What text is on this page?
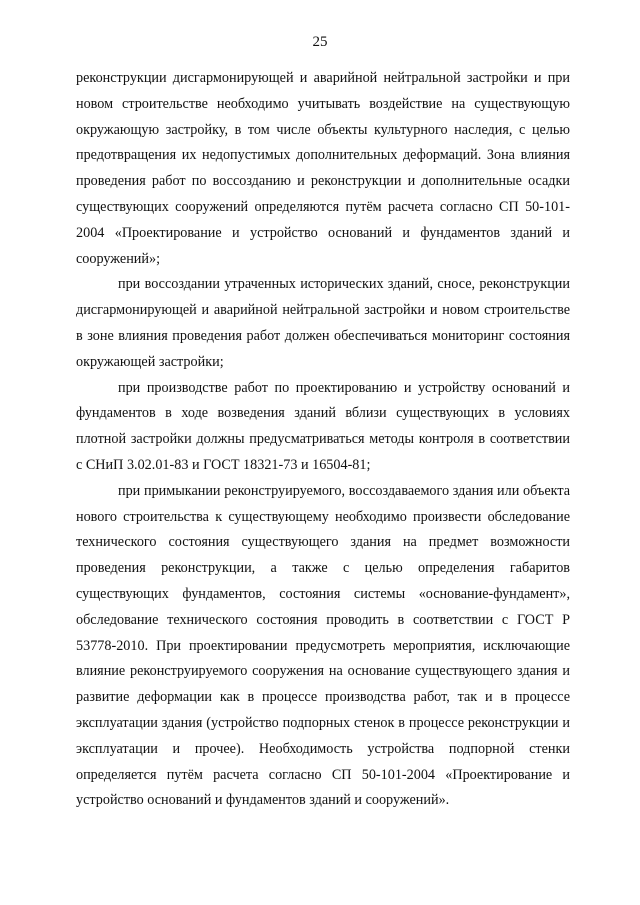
25

реконструкции дисгармонирующей и аварийной нейтральной застройки и при новом строительстве необходимо учитывать воздействие на существующую окружающую застройку, в том числе объекты культурного наследия, с целью предотвращения их недопустимых дополнительных деформаций. Зона влияния проведения работ по воссозданию и реконструкции и дополнительные осадки существующих сооружений определяются путём расчета согласно СП 50-101-2004 «Проектирование и устройство оснований и фундаментов зданий и сооружений»;

при воссоздании утраченных исторических зданий, сносе, реконструкции дисгармонирующей и аварийной нейтральной застройки и новом строительстве в зоне влияния проведения работ должен обеспечиваться мониторинг состояния окружающей застройки;

при производстве работ по проектированию и устройству оснований и фундаментов в ходе возведения зданий вблизи существующих в условиях плотной застройки должны предусматриваться методы контроля в соответствии с СНиП 3.02.01-83 и ГОСТ 18321-73 и 16504-81;

при примыкании реконструируемого, воссоздаваемого здания или объекта нового строительства к существующему необходимо произвести обследование технического состояния существующего здания на предмет возможности проведения реконструкции, а также с целью определения габаритов существующих фундаментов, состояния системы «основание-фундамент», обследование технического состояния проводить в соответствии с ГОСТ Р 53778-2010. При проектировании предусмотреть мероприятия, исключающие влияние реконструируемого сооружения на основание существующего здания и развитие деформации как в процессе производства работ, так и в процессе эксплуатации здания (устройство подпорных стенок в процессе реконструкции и эксплуатации и прочее). Необходимость устройства подпорной стенки определяется путём расчета согласно СП 50-101-2004 «Проектирование и устройство оснований и фундаментов зданий и сооружений».
